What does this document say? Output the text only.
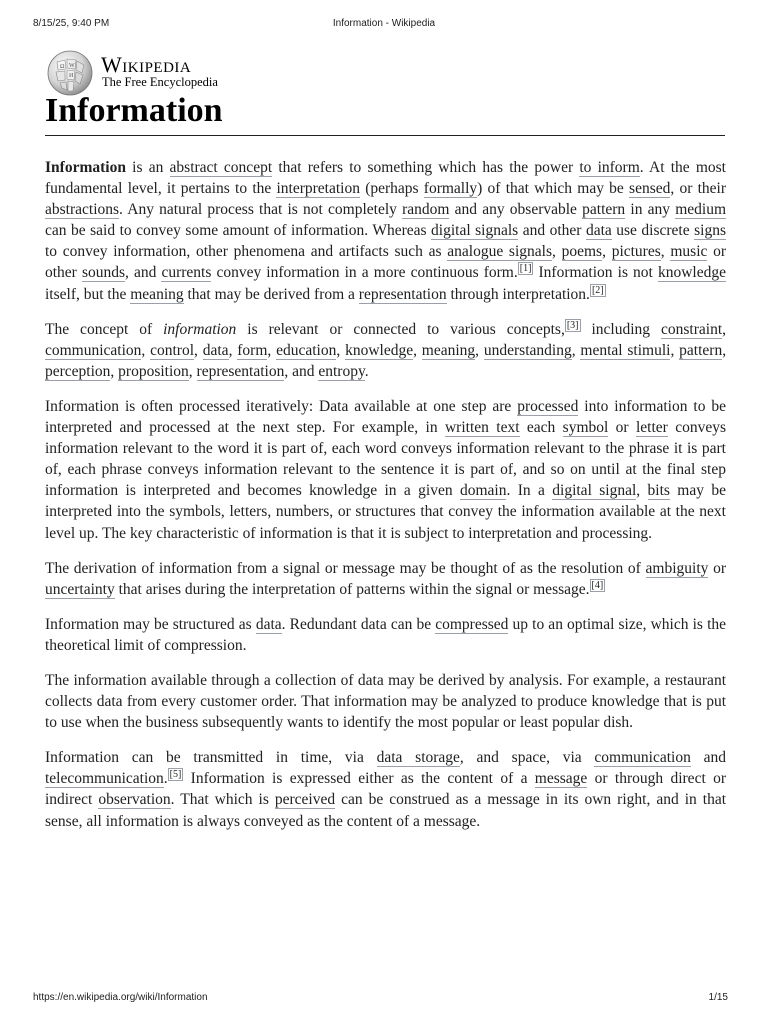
8/15/25, 9:40 PM	Information - Wikipedia
Ω W
И Wikipedia
The Free Encyclopedia
Information

Information is an abstract concept that refers to something which has the power to inform. At the most fundamental level, it pertains to the interpretation (perhaps formally) of that which may be sensed, or their abstractions. Any natural process that is not completely random and any observable pattern in any medium can be said to convey some amount of information. Whereas digital signals and other data use discrete signs to convey information, other phenomena and artifacts such as analogue signals, poems, pictures, music or other sounds, and currents convey information in a more continuous form. [1] Information is not knowledge itself, but the meaning that may be derived from a representation through interpretation. [2]

The concept of information is relevant or connected to various concepts, [3] including constraint, communication, control, data, form, education, knowledge, meaning, understanding, mental stimuli, pattern, perception, proposition, representation, and entropy.

Information is often processed iteratively: Data available at one step are processed into information to be interpreted and processed at the next step. For example, in written text each symbol or letter conveys information relevant to the word it is part of, each word conveys information relevant to the phrase it is part of, each phrase conveys information relevant to the sentence it is part of, and so on until at the final step information is interpreted and becomes knowledge in a given domain. In a digital signal, bits may be interpreted into the symbols, letters, numbers, or structures that convey the information available at the next level up. The key characteristic of information is that it is subject to interpretation and processing.

The derivation of information from a signal or message may be thought of as the resolution of ambiguity or uncertainty that arises during the interpretation of patterns within the signal or message. [4]

Information may be structured as data. Redundant data can be compressed up to an optimal size, which is the theoretical limit of compression.

The information available through a collection of data may be derived by analysis. For example, a restaurant collects data from every customer order. That information may be analyzed to produce knowledge that is put to use when the business subsequently wants to identify the most popular or least popular dish.

Information can be transmitted in time, via data storage, and space, via communication and telecommunication. [5] Information is expressed either as the content of a message or through direct or indirect observation. That which is perceived can be construed as a message in its own right, and in that sense, all information is always conveyed as the content of a message.

https://en.wikipedia.org/wiki/Information	1/15
